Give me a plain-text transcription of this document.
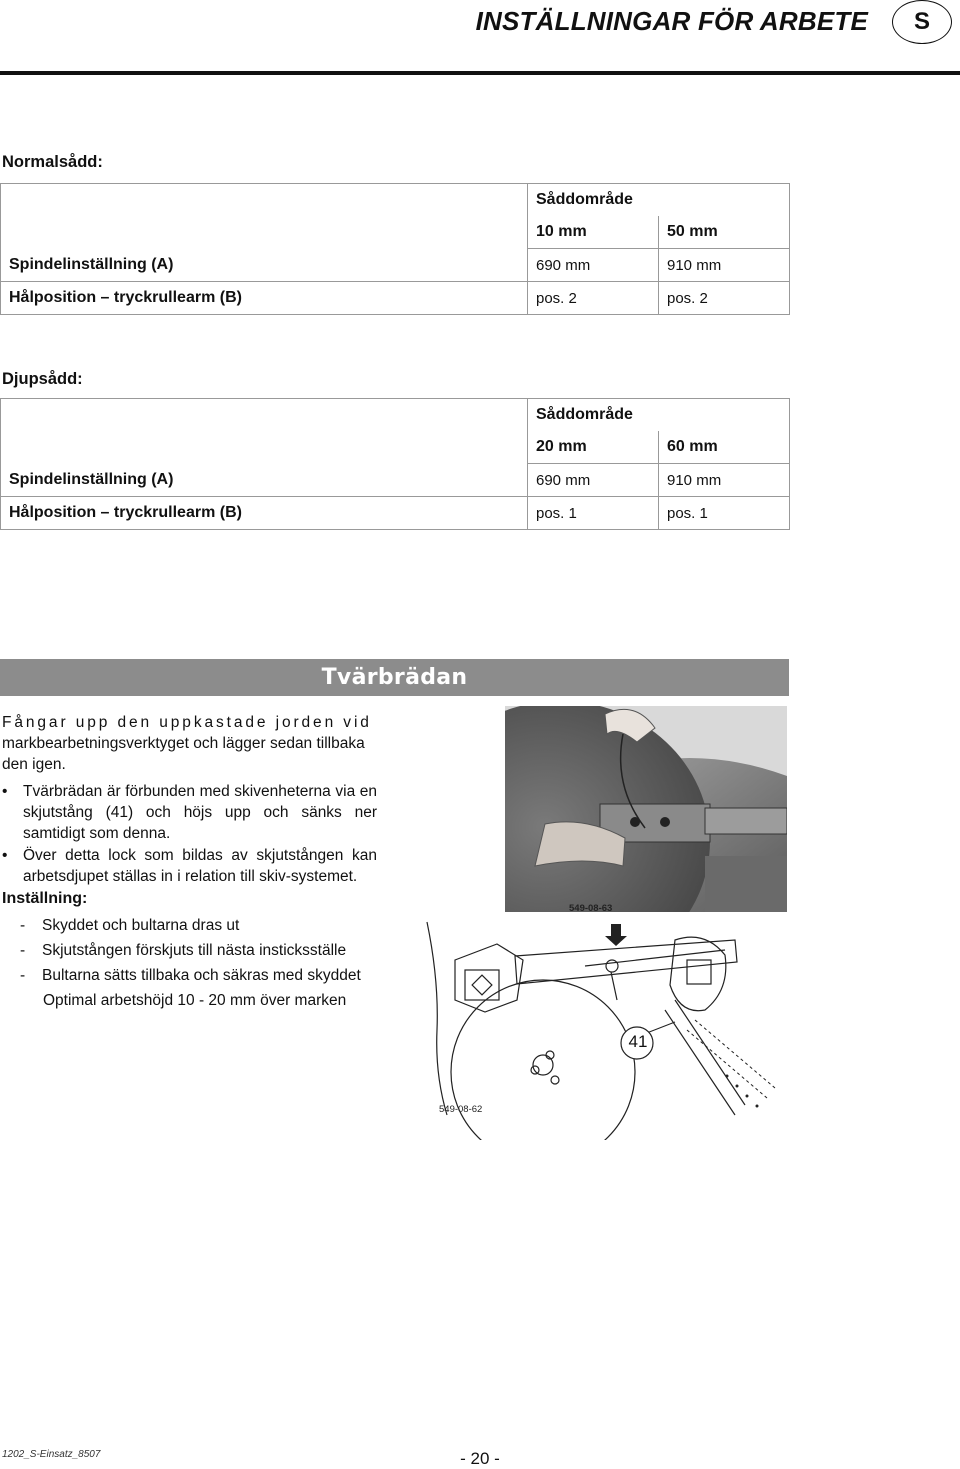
INSTÄLLNINGAR FÖR ARBETE	S
Normalsådd:
	Såddområde	
	10 mm	50 mm
Spindelinställning (A)	690 mm	910 mm
Hålposition – tryckrullearm (B)	pos. 2	pos. 2
Djupsådd:
	Såddområde	
	20 mm	60 mm
Spindelinställning (A)	690 mm	910 mm
Hålposition – tryckrullearm (B)	pos. 1	pos. 1
Tvärbrädan
Fångar upp den uppkastade jorden vid
markbearbetningsverktyget och lägger sedan tillbaka den igen.
• Tvärbrädan är förbunden med skivenheterna via en skjutstång (41) och höjs upp och sänks ner samtidigt som denna.
• Över detta lock som bildas av skjutstången kan arbetsdjupet ställas in i relation till skiv-systemet.
Inställning:
- Skyddet och bultarna dras ut
- Skjutstången förskjuts till nästa insticksställe
- Bultarna sätts tillbaka och säkras med skyddet
Optimal arbetshöjd 10 - 20 mm över marken
549-08-63
549-08-62
41
1202_S-Einsatz_8507	- 20 -
